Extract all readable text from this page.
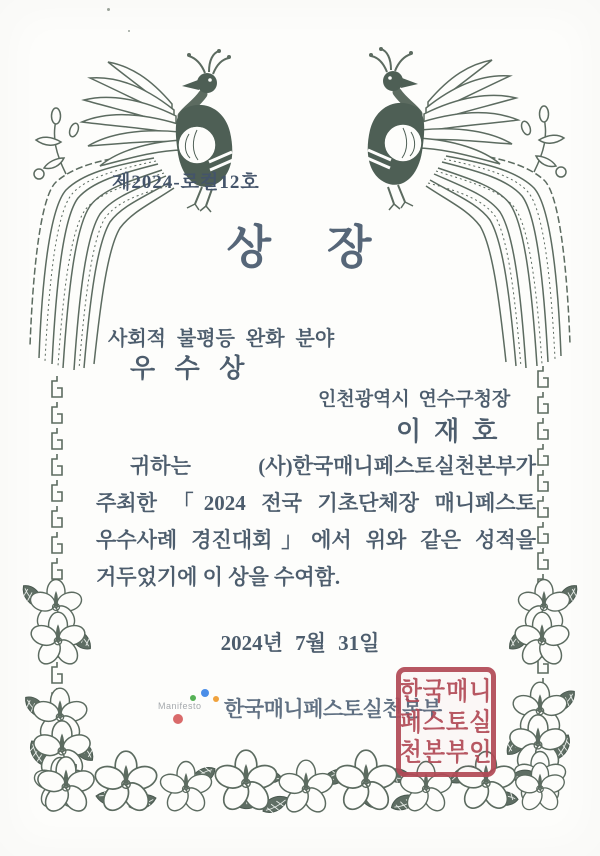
제2024-로컬12호
상    장
사회적 불평등 완화 분야
우   수   상
인천광역시 연수구청장
이  재  호
귀하는 (사)한국매니페스토실천본부가
주최한 「2024 전국 기초단체장 매니페스토
우수사례 경진대회」에서 위와 같은 성적을
거두었기에 이 상을 수여함.
2024년 7월 31일
Manifesto 한국매니페스토실천본부
한국매니
페스토실
천본부인
